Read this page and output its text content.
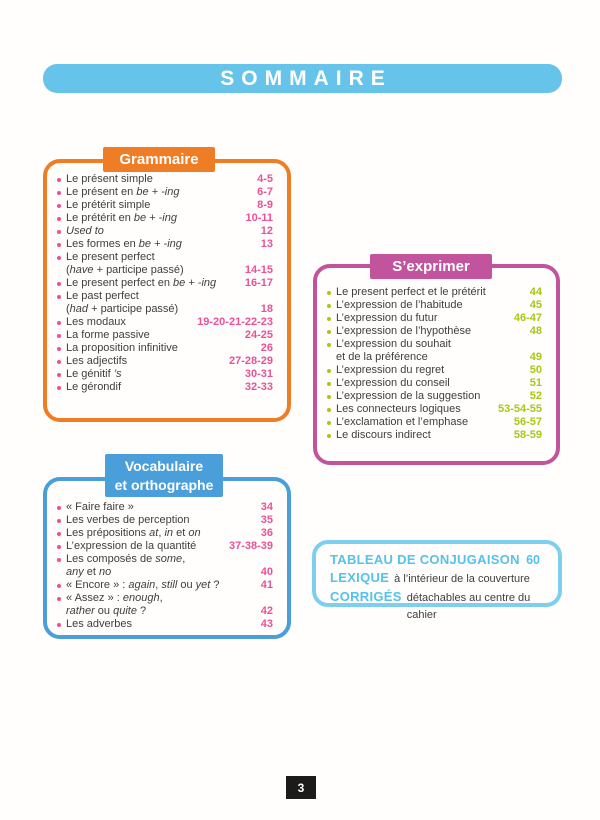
SOMMAIRE
Le présent simple	4-5
Le présent en be + -ing	6-7
Le prétérit simple	8-9
Le prétérit en be + -ing	10-11
Used to	12
Les formes en be + -ing	13
Le present perfect
(have + participe passé)	14-15
Le present perfect en be + -ing	16-17
Le past perfect
(had + participe passé)	18
Les modaux	19-20-21-22-23
La forme passive	24-25
La proposition infinitive	26
Les adjectifs	27-28-29
Le génitif ’s	30-31
Le gérondif	32-33
Grammaire
Le present perfect et le prétérit	44
L’expression de l’habitude	45
L’expression du futur	46-47
L’expression de l’hypothèse	48
L’expression du souhait
et de la préférence	49
L’expression du regret	50
L’expression du conseil	51
L’expression de la suggestion	52
Les connecteurs logiques	53-54-55
L’exclamation et l’emphase	56-57
Le discours indirect	58-59
S’exprimer
« Faire faire »	34
Les verbes de perception	35
Les prépositions at, in et on	36
L’expression de la quantité	37-38-39
Les composés de some,
any et no	40
« Encore » : again, still ou yet ?	41
« Assez » : enough,
rather ou quite ?	42
Les adverbes	43
Vocabulaire
et orthographe
TABLEAU DE CONJUGAISON 60
LEXIQUE à l’intérieur de la couverture
CORRIGÉS détachables au centre du cahier
3
